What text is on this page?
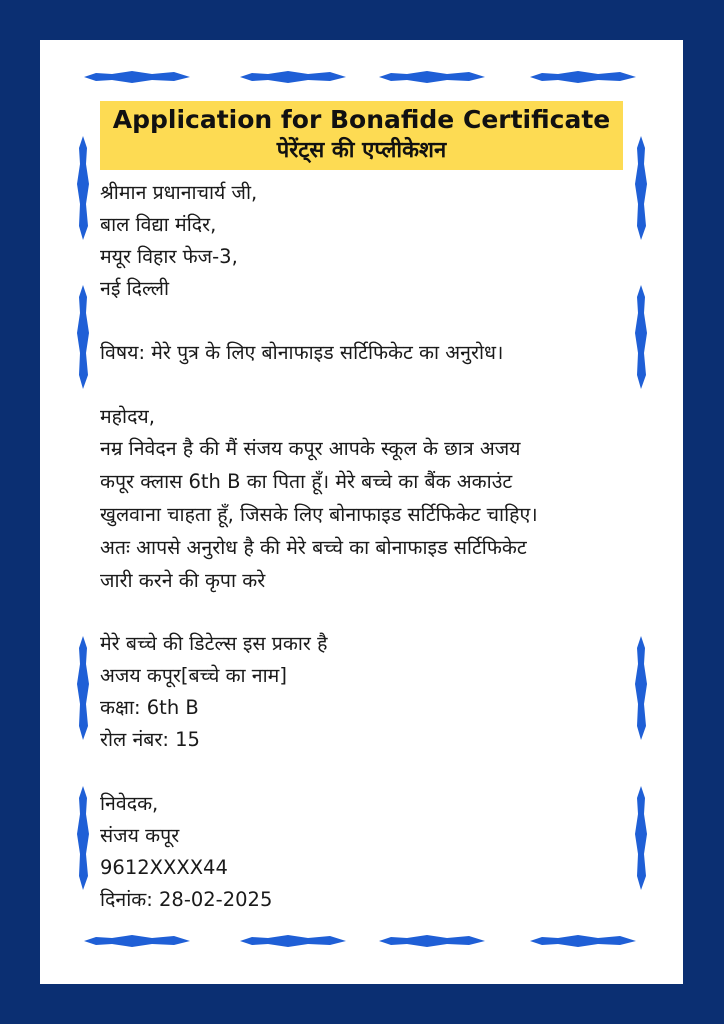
Application for Bonafide Certificate
पेरेंट्स की एप्लीकेशन
श्रीमान प्रधानाचार्य जी,
बाल विद्या मंदिर,
मयूर विहार फेज-3,
नई दिल्ली
विषय: मेरे पुत्र के लिए बोनाफाइड सर्टिफिकेट का अनुरोध।
महोदय,
नम्र निवेदन है की मैं संजय कपूर आपके स्कूल के छात्र अजय
कपूर क्लास 6th B का पिता हूँ। मेरे बच्चे का बैंक अकाउंट
खुलवाना चाहता हूँ, जिसके लिए बोनाफाइड सर्टिफिकेट चाहिए।
अतः आपसे अनुरोध है की मेरे बच्चे का बोनाफाइड सर्टिफिकेट
जारी करने की कृपा करे
मेरे बच्चे की डिटेल्स इस प्रकार है
अजय कपूर[बच्चे का नाम]
कक्षा: 6th B
रोल नंबर: 15
निवेदक,
संजय कपूर
9612XXXX44
दिनांक: 28-02-2025
